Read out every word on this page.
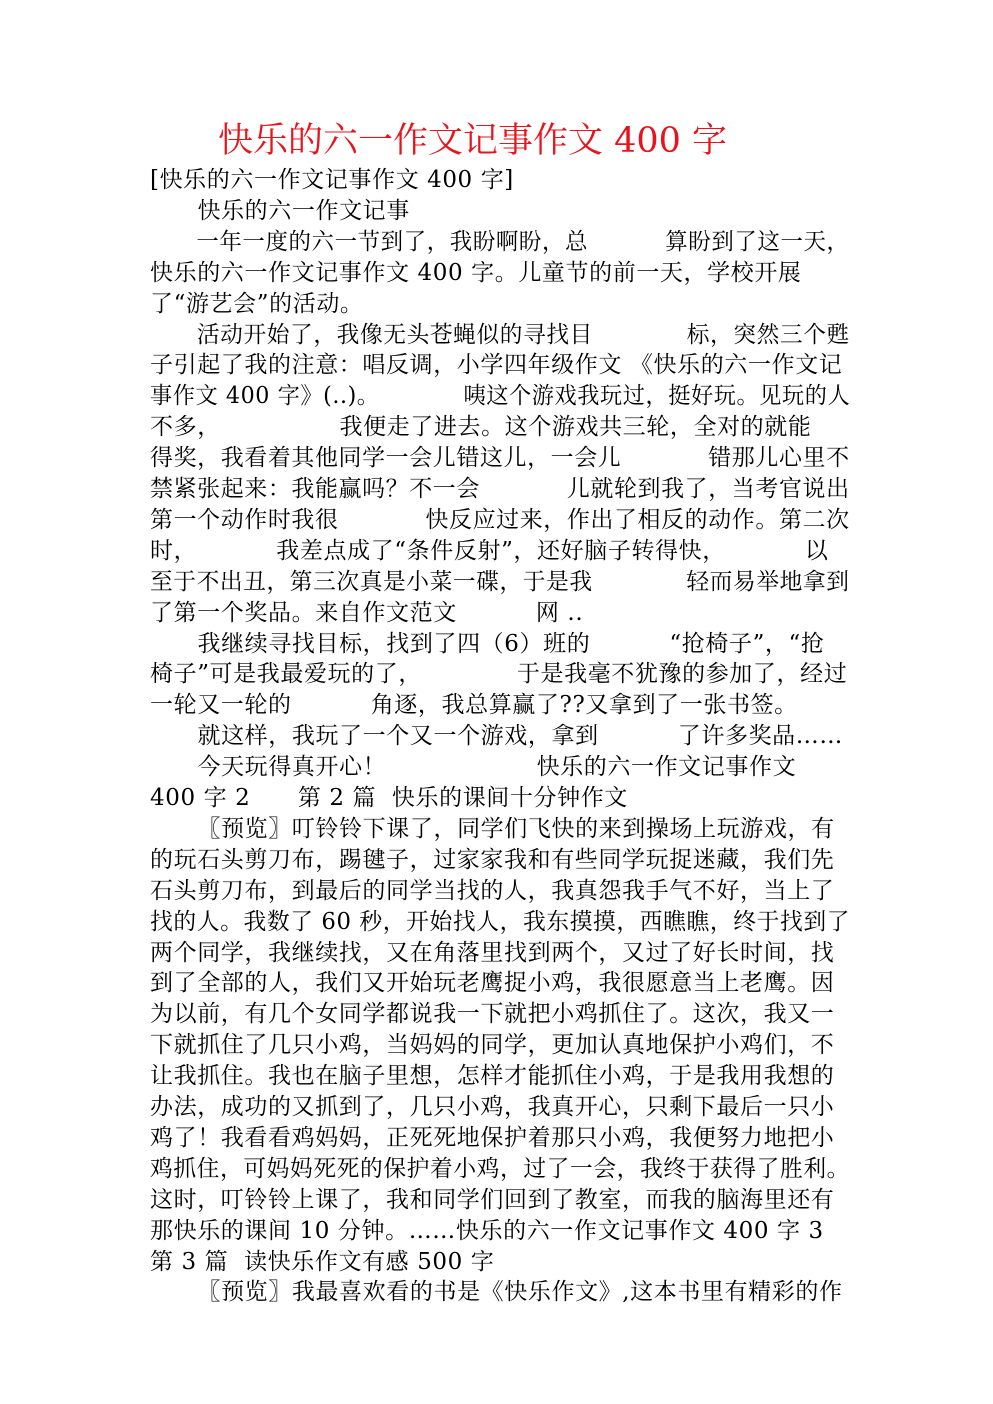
快乐的六一作文记事作文 400 字
[快乐的六一作文记事作文 400 字]
快乐的六一作文记事
一年一度的六一节到了，我盼啊盼，总          算盼到了这一天，
快乐的六一作文记事作文 400 字。儿童节的前一天，学校开展
了“游艺会”的活动。
活动开始了，我像无头苍蝇似的寻找目            标，突然三个甦
子引起了我的注意：唱反调，小学四年级作文 《快乐的六一作文记
事作文 400 字》(..)。           咦这个游戏我玩过，挺好玩。见玩的人
不多，               我便走了进去。这个游戏共三轮，全对的就能
得奖，我看着其他同学一会儿错这儿，一会儿           错那儿心里不
禁紧张起来：我能赢吗？不一会           儿就轮到我了，当考官说出
第一个动作时我很           快反应过来，作出了相反的动作。第二次
时，          我差点成了“条件反射”，还好脑子转得快，          以
至于不出丑，第三次真是小菜一碟，于是我            轻而易举地拿到
了第一个奖品。来自作文范文          网 ..
我继续寻找目标，找到了四（6）班的          “抢椅子”，“抢
椅子”可是我最爱玩的了，            于是我毫不犹豫的参加了，经过
一轮又一轮的          角逐，我总算赢了??又拿到了一张书签。
就这样，我玩了一个又一个游戏，拿到          了许多奖品……
今天玩得真开心！                   快乐的六一作文记事作文
400 字 2      第 2 篇  快乐的课间十分钟作文
〖预览〗叮铃铃下课了，同学们飞快的来到操场上玩游戏，有
的玩石头剪刀布，踢毽子，过家家我和有些同学玩捉迷藏，我们先
石头剪刀布，到最后的同学当找的人，我真怨我手气不好，当上了
找的人。我数了 60 秒，开始找人，我东摸摸，西瞧瞧，终于找到了
两个同学，我继续找，又在角落里找到两个，又过了好长时间，找
到了全部的人，我们又开始玩老鹰捉小鸡，我很愿意当上老鹰。因
为以前，有几个女同学都说我一下就把小鸡抓住了。这次，我又一
下就抓住了几只小鸡，当妈妈的同学，更加认真地保护小鸡们，不
让我抓住。我也在脑子里想，怎样才能抓住小鸡，于是我用我想的
办法，成功的又抓到了，几只小鸡，我真开心，只剩下最后一只小
鸡了！我看看鸡妈妈，正死死地保护着那只小鸡，我便努力地把小
鸡抓住，可妈妈死死的保护着小鸡，过了一会，我终于获得了胜利。
这时，叮铃铃上课了，我和同学们回到了教室，而我的脑海里还有
那快乐的课间 10 分钟。……快乐的六一作文记事作文 400 字 3
第 3 篇  读快乐作文有感 500 字
〖预览〗我最喜欢看的书是《快乐作文》,这本书里有精彩的作
